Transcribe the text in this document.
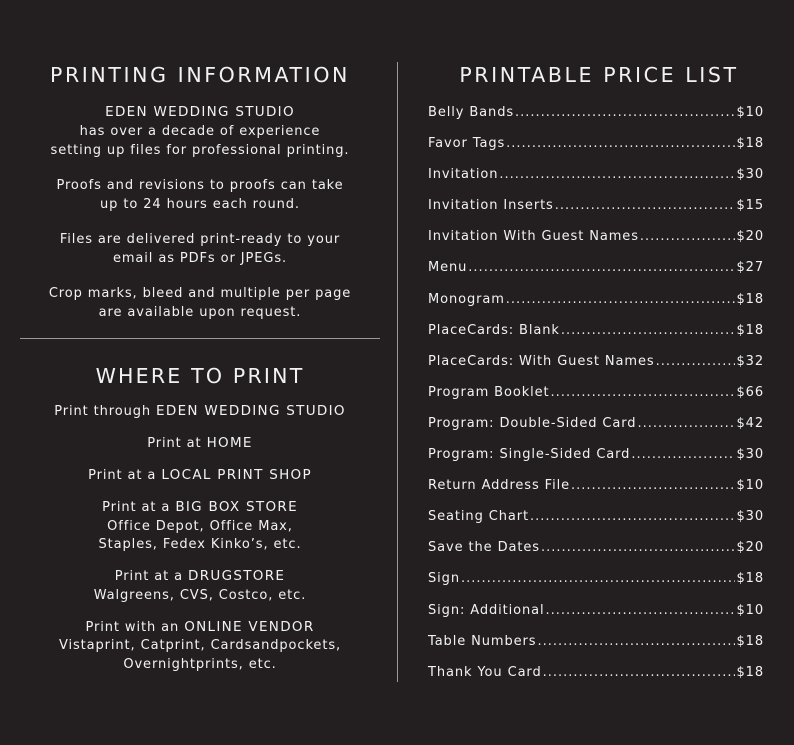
PRINTING INFORMATION

EDEN WEDDING STUDIO
has over a decade of experience
setting up files for professional printing.

Proofs and revisions to proofs can take
up to 24 hours each round.

Files are delivered print-ready to your
email as PDFs or JPEGs.

Crop marks, bleed and multiple per page
are available upon request.

WHERE TO PRINT
Print through EDEN WEDDING STUDIO
Print at HOME
Print at a LOCAL PRINT SHOP
Print at a BIG BOX STORE
Office Depot, Office Max,
Staples, Fedex Kinko’s, etc.
Print at a DRUGSTORE
Walgreens, CVS, Costco, etc.
Print with an ONLINE VENDOR
Vistaprint, Catprint, Cardsandpockets,
Overnightprints, etc.
PRINTABLE PRICE LIST
Belly Bands .....	$10
Favor Tags .....	$18
Invitation .....	$30
Invitation Inserts .....	$15
Invitation With Guest Names .....	$20
Menu .....	$27
Monogram .....	$18
PlaceCards: Blank .....	$18
PlaceCards: With Guest Names .....	$32
Program Booklet .....	$66
Program: Double-Sided Card .....	$42
Program: Single-Sided Card .....	$30
Return Address File .....	$10
Seating Chart .....	$30
Save the Dates .....	$20
Sign .....	$18
Sign: Additional .....	$10
Table Numbers .....	$18
Thank You Card .....	$18
